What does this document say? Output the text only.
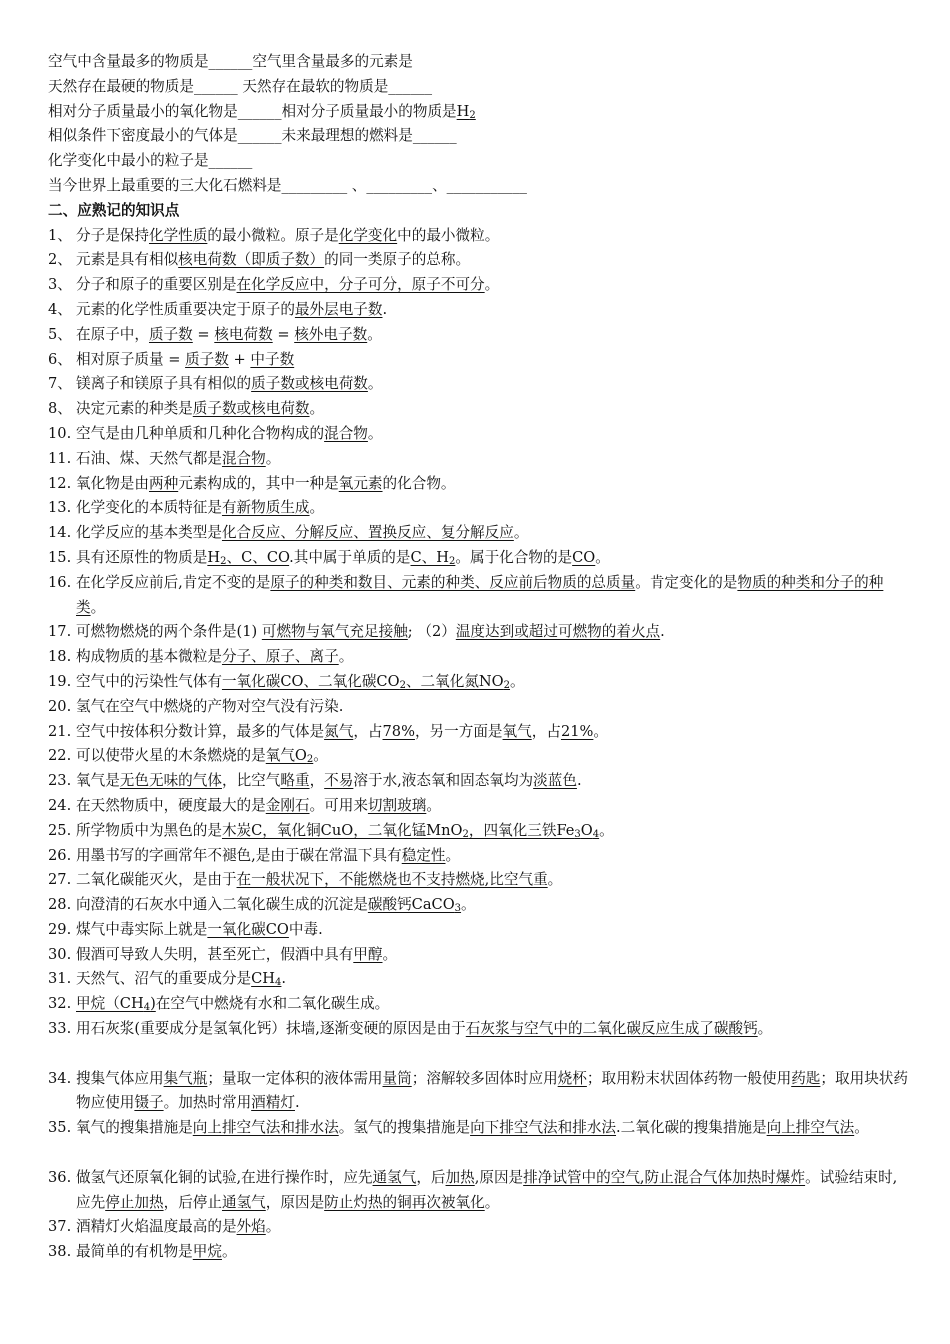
空气中含量最多的物质是______空气里含量最多的元素是
天然存在最硬的物质是______ 天然存在最软的物质是______
相对分子质量最小的氧化物是______相对分子质量最小的物质是$H_2$
相似条件下密度最小的气体是______未来最理想的燃料是______
化学变化中最小的粒子是______
当今世界上最重要的三大化石燃料是_________ 、_________、___________
二、应熟记的知识点
1、 分子是保持化学性质的最小微粒。原子是化学变化中的最小微粒。
2、 元素是具有相似核电荷数（即质子数）的同一类原子的总称。
3、 分子和原子的重要区别是在化学反应中，分子可分，原子不可分。
4、 元素的化学性质重要决定于原子的最外层电子数.
5、 在原子中，质子数 = 核电荷数 = 核外电子数。
6、 相对原子质量 = 质子数 + 中子数
7、 镁离子和镁原子具有相似的质子数或核电荷数。
8、 决定元素的种类是质子数或核电荷数。
10. 空气是由几种单质和几种化合物构成的混合物。
11. 石油、煤、天然气都是混合物。
12. 氧化物是由两种元素构成的，其中一种是氧元素的化合物。
13. 化学变化的本质特征是有新物质生成。
14. 化学反应的基本类型是化合反应、分解反应、置换反应、复分解反应。
15. 具有还原性的物质是$H_2$、C、CO.其中属于单质的是C、$H_2$。属于化合物的是CO。
16. 在化学反应前后,肯定不变的是原子的种类和数目、元素的种类、反应前后物质的总质量。肯定变化的是物质的种类和分子的种类。
17. 可燃物燃烧的两个条件是(1) 可燃物与氧气充足接触; （2）温度达到或超过可燃物的着火点.
18. 构成物质的基本微粒是分子、原子、离子。
19. 空气中的污染性气体有一氧化碳CO、二氧化碳$CO_2$、二氧化氮$NO_2$。
20. 氢气在空气中燃烧的产物对空气没有污染.
21. 空气中按体积分数计算，最多的气体是氮气，占78%，另一方面是氧气，占21%。
22. 可以使带火星的木条燃烧的是氧气$O_2$。
23. 氧气是无色无味的气体，比空气略重，不易溶于水,液态氧和固态氧均为淡蓝色.
24. 在天然物质中，硬度最大的是金刚石。可用来切割玻璃。
25. 所学物质中为黑色的是木炭C，氧化铜CuO，二氧化锰MnO$_2$，四氧化三铁$Fe_3O_4$。
26. 用墨书写的字画常年不褪色,是由于碳在常温下具有稳定性。
27. 二氧化碳能灭火，是由于在一般状况下，不能燃烧也不支持燃烧,比空气重。
28. 向澄清的石灰水中通入二氧化碳生成的沉淀是碳酸钙CaCO$_3$。
29. 煤气中毒实际上就是一氧化碳CO中毒.
30. 假酒可导致人失明，甚至死亡，假酒中具有甲醇。
31. 天然气、沼气的重要成分是$CH_4$.
32. 甲烷$(CH_4)$在空气中燃烧有水和二氧化碳生成。
33. 用石灰浆(重要成分是氢氧化钙）抹墙,逐渐变硬的原因是由于石灰浆与空气中的二氧化碳反应生成了碳酸钙。
34. 搜集气体应用集气瓶；量取一定体积的液体需用量筒；溶解较多固体时应用烧杯；取用粉末状固体药物一般使用药匙；取用块状药物应使用镊子。加热时常用酒精灯.
35. 氧气的搜集措施是向上排空气法和排水法。氢气的搜集措施是向下排空气法和排水法.二氧化碳的搜集措施是向上排空气法。
36. 做氢气还原氧化铜的试验,在进行操作时，应先通氢气，后加热,原因是排净试管中的空气,防止混合气体加热时爆炸。试验结束时,应先停止加热，后停止通氢气，原因是防止灼热的铜再次被氧化。
37. 酒精灯火焰温度最高的是外焰。
38. 最简单的有机物是甲烷。
